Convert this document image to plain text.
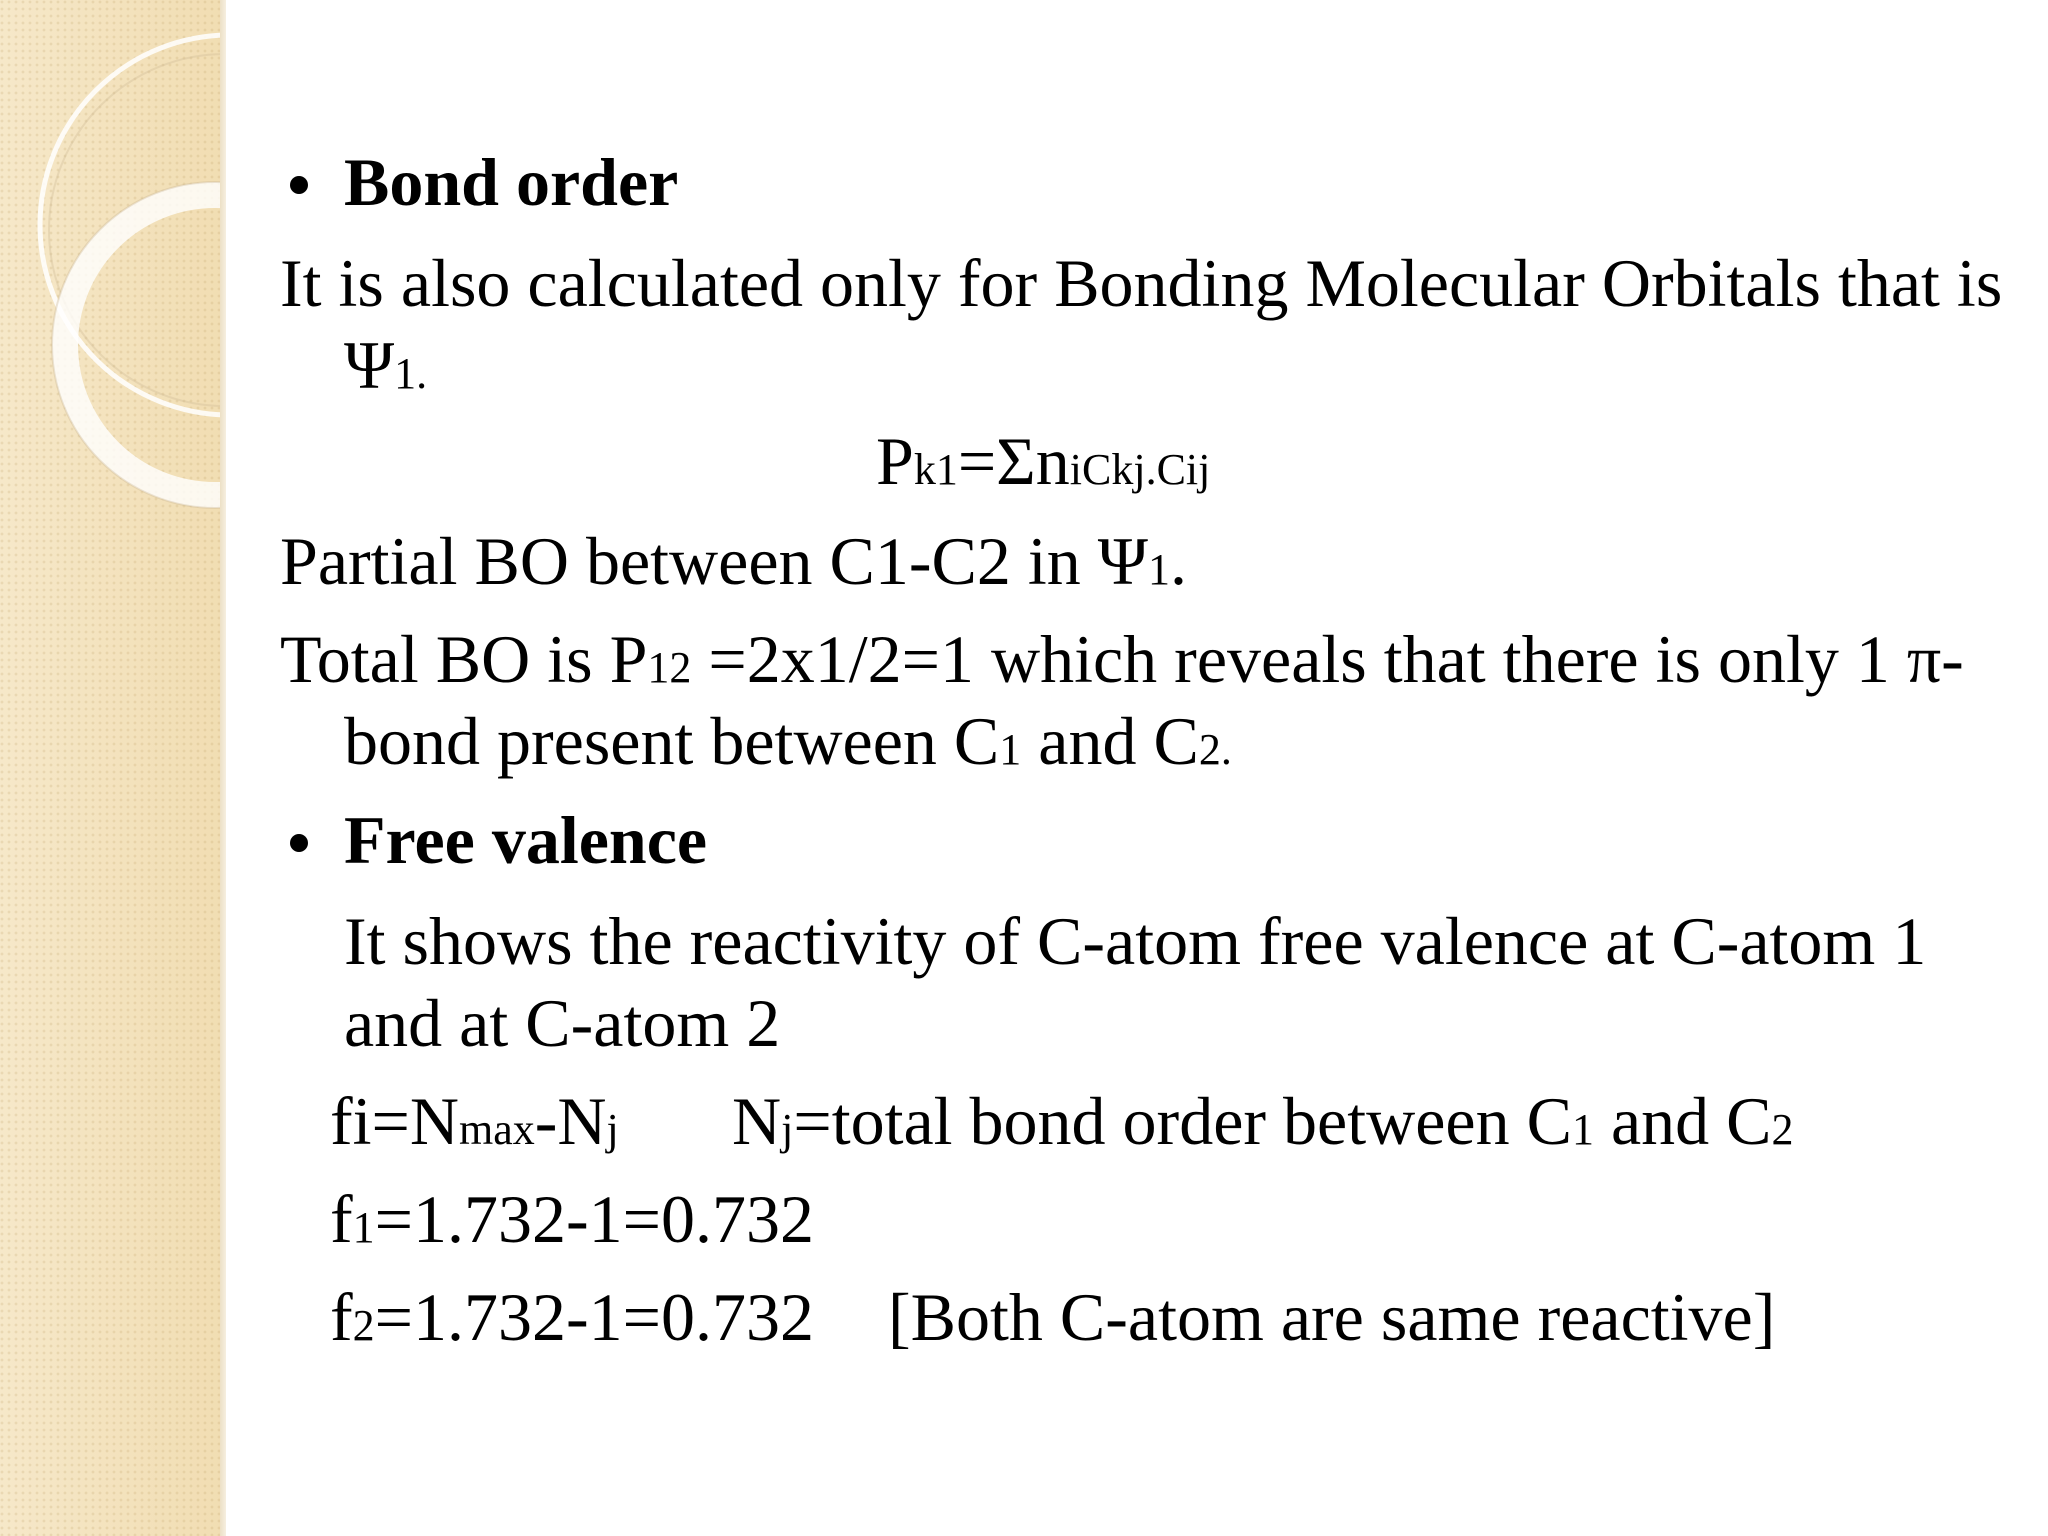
Bond order
It is also calculated only for Bonding Molecular Orbitals that is
Ψ1.
Pk1=ΣniCkj.Cij
Partial BO between C1-C2 in Ψ1.
Total BO is P12 =2x1/2=1 which reveals that there is only 1 π-
bond present between C1 and C2.
Free valence
It shows the reactivity of C-atom free valence at C-atom 1
and at C-atom 2
fi=Nmax-Nj Nj=total bond order between C1 and C2
f1=1.732-1=0.732
f2=1.732-1=0.732 [Both C-atom are same reactive]
